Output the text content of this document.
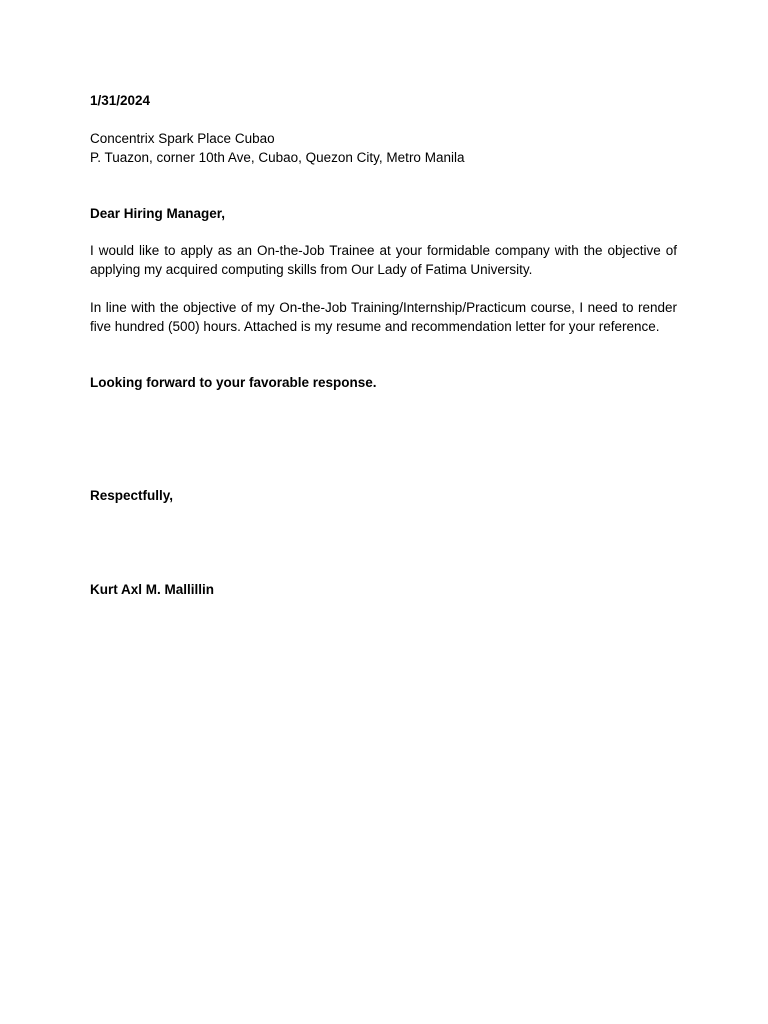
1/31/2024
Concentrix Spark Place Cubao
P. Tuazon, corner 10th Ave, Cubao, Quezon City, Metro Manila
Dear Hiring Manager,
I would like to apply as an On-the-Job Trainee at your formidable company with the objective of applying my acquired computing skills from Our Lady of Fatima University.
In line with the objective of my On-the-Job Training/Internship/Practicum course, I need to render five hundred (500) hours. Attached is my resume and recommendation letter for your reference.
Looking forward to your favorable response.
Respectfully,
Kurt Axl M. Mallillin
